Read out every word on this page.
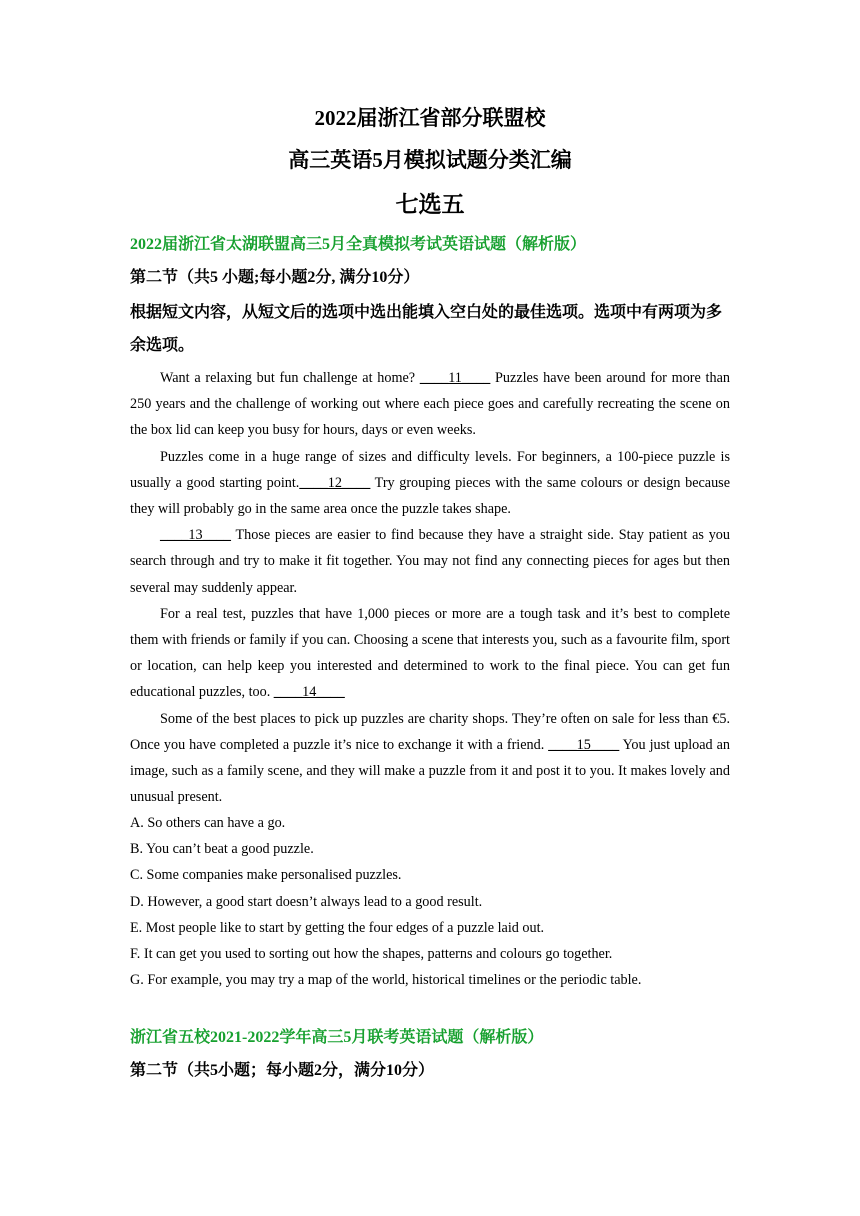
2022届浙江省部分联盟校
高三英语5月模拟试题分类汇编
七选五
2022届浙江省太湖联盟高三5月全真模拟考试英语试题（解析版）
第二节（共5 小题;每小题2分, 满分10分）
根据短文内容，从短文后的选项中选出能填入空白处的最佳选项。选项中有两项为多余选项。

Want a relaxing but fun challenge at home? ____11____ Puzzles have been around for more than 250 years and the challenge of working out where each piece goes and carefully recreating the scene on the box lid can keep you busy for hours, days or even weeks.

Puzzles come in a huge range of sizes and difficulty levels. For beginners, a 100-piece puzzle is usually a good starting point.____12____ Try grouping pieces with the same colours or design because they will probably go in the same area once the puzzle takes shape.

____13____ Those pieces are easier to find because they have a straight side. Stay patient as you search through and try to make it fit together. You may not find any connecting pieces for ages but then several may suddenly appear.

For a real test, puzzles that have 1,000 pieces or more are a tough task and it’s best to complete them with friends or family if you can. Choosing a scene that interests you, such as a favourite film, sport or location, can help keep you interested and determined to work to the final piece. You can get fun educational puzzles, too. ____14____

Some of the best places to pick up puzzles are charity shops. They’re often on sale for less than €5. Once you have completed a puzzle it’s nice to exchange it with a friend. ____15____ You just upload an image, such as a family scene, and they will make a puzzle from it and post it to you. It makes lovely and unusual present.

A. So others can have a go.
B. You can’t beat a good puzzle.
C. Some companies make personalised puzzles.
D. However, a good start doesn’t always lead to a good result.
E. Most people like to start by getting the four edges of a puzzle laid out.
F. It can get you used to sorting out how the shapes, patterns and colours go together.
G. For example, you may try a map of the world, historical timelines or the periodic table.
浙江省五校2021-2022学年高三5月联考英语试题（解析版）
第二节（共5小题；每小题2分，满分10分）
